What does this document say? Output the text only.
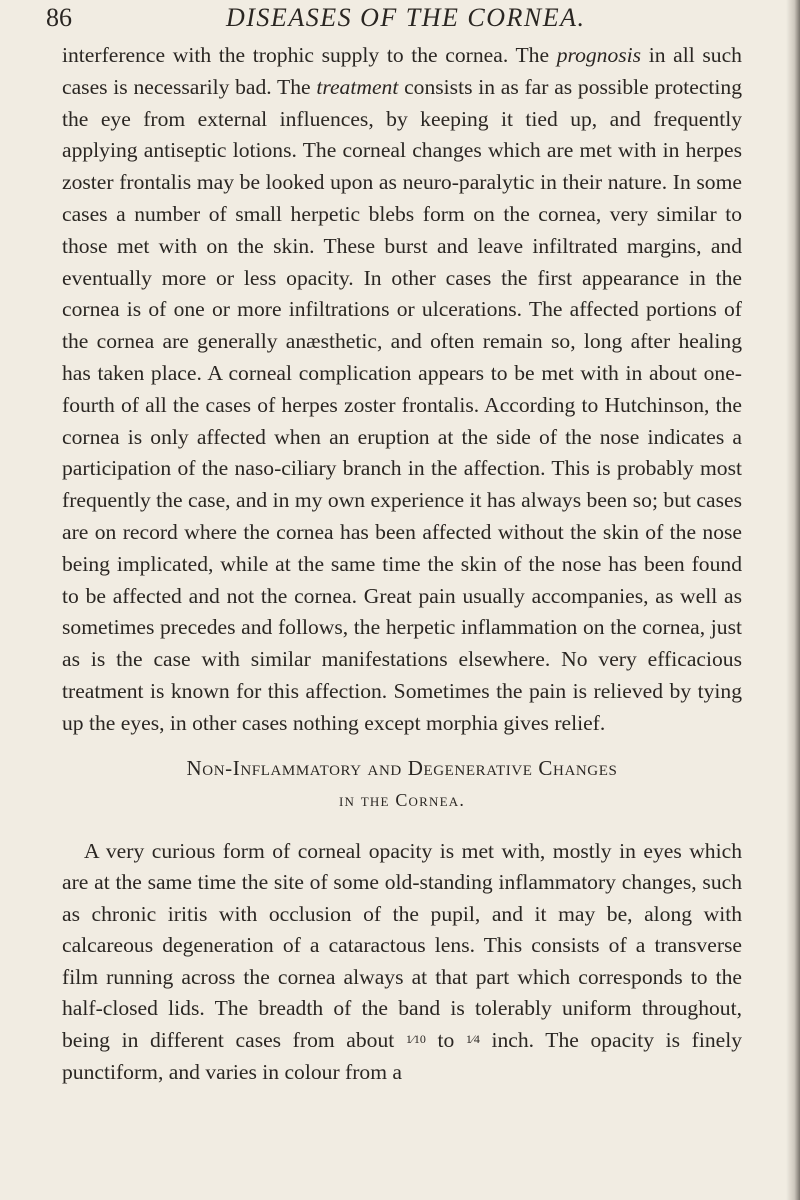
86	DISEASES OF THE CORNEA.

interference with the trophic supply to the cornea. The prognosis in all such cases is necessarily bad. The treatment consists in as far as possible protecting the eye from external influences, by keeping it tied up, and frequently applying antiseptic lotions. The corneal changes which are met with in herpes zoster frontalis may be looked upon as neuro-paralytic in their nature. In some cases a number of small herpetic blebs form on the cornea, very similar to those met with on the skin. These burst and leave infiltrated margins, and eventually more or less opacity. In other cases the first appearance in the cornea is of one or more infiltrations or ulcerations. The affected portions of the cornea are generally anæsthetic, and often remain so, long after healing has taken place. A corneal complication appears to be met with in about one-fourth of all the cases of herpes zoster frontalis. According to Hutchinson, the cornea is only affected when an eruption at the side of the nose indicates a participation of the naso-ciliary branch in the affection. This is probably most frequently the case, and in my own experience it has always been so; but cases are on record where the cornea has been affected without the skin of the nose being implicated, while at the same time the skin of the nose has been found to be affected and not the cornea. Great pain usually accompanies, as well as sometimes precedes and follows, the herpetic inflammation on the cornea, just as is the case with similar manifestations elsewhere. No very efficacious treatment is known for this affection. Sometimes the pain is relieved by tying up the eyes, in other cases nothing except morphia gives relief.

Non-Inflammatory and Degenerative Changes
in the Cornea.

A very curious form of corneal opacity is met with, mostly in eyes which are at the same time the site of some old-standing inflammatory changes, such as chronic iritis with occlusion of the pupil, and it may be, along with calcareous degeneration of a cataractous lens. This consists of a transverse film running across the cornea always at that part which corresponds to the half-closed lids. The breadth of the band is tolerably uniform throughout, being in different cases from about 1⁄10 to 1⁄4 inch. The opacity is finely punctiform, and varies in colour from a
